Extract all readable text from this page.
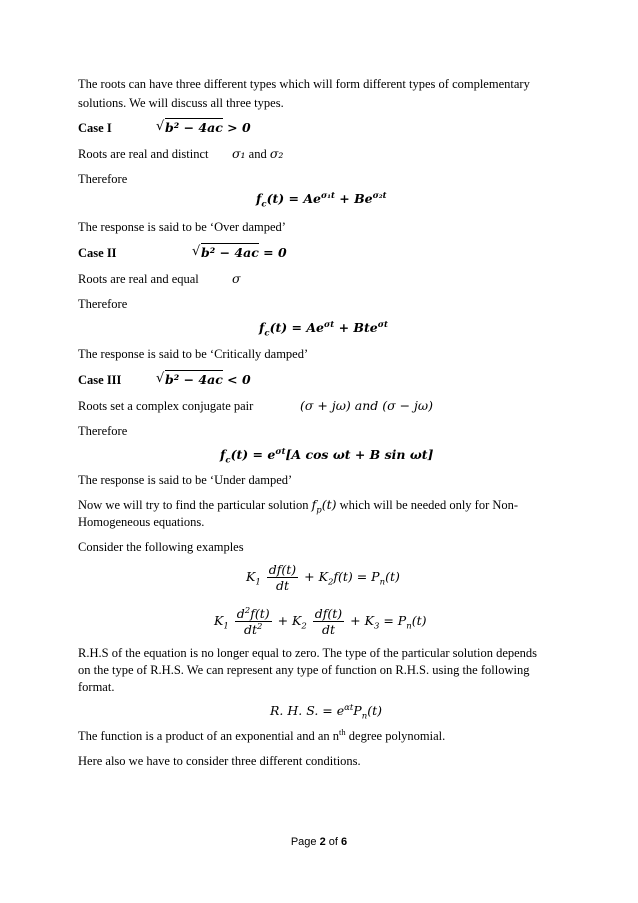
The roots can have three different types which will form different types of complementary
solutions. We will discuss all three types.
Case I	√ b² − 4ac > 0
Roots are real and distinct σ₁ and σ₂
Therefore
$f_c(t) = Ae^{\sigma_1t} + Be^{\sigma_2t}$
The response is said to be ‘Over damped’
Case II	√ b² − 4ac = 0
Roots are real and equal	σ
Therefore
$f_c(t) = Ae^{\sigma t} + Bte^{\sigma t}$
The response is said to be ‘Critically damped’
Case III	√ b² − 4ac < 0
Roots set a complex conjugate pair	(σ + jω) and (σ − jω)
Therefore
$f_c(t) = e^{\sigma t}[A$ cos ωt + B sin ωt]
The response is said to be ‘Under damped’
Now we will try to find the particular solution $f_p(t)$ which will be needed only for Non-
Homogeneous equations.
Consider the following examples
$K_1 \frac{df(t)}{dt} + K_2f(t) = P_n(t)$
$K_1 \frac{d^2f(t)}{dt^2} + K_2 \frac{df(t)}{dt} + K_3 = P_n(t)$
R.H.S of the equation is no longer equal to zero. The type of the particular solution depends
on the type of R.H.S. We can represent any type of function on R.H.S. using the following
format.
R. H. S. = $e^{\alpha t}P_n(t)$
The function is a product of an exponential and an $n^{th}$ degree polynomial.
Here also we have to consider three different conditions.
Page 2 of 6
